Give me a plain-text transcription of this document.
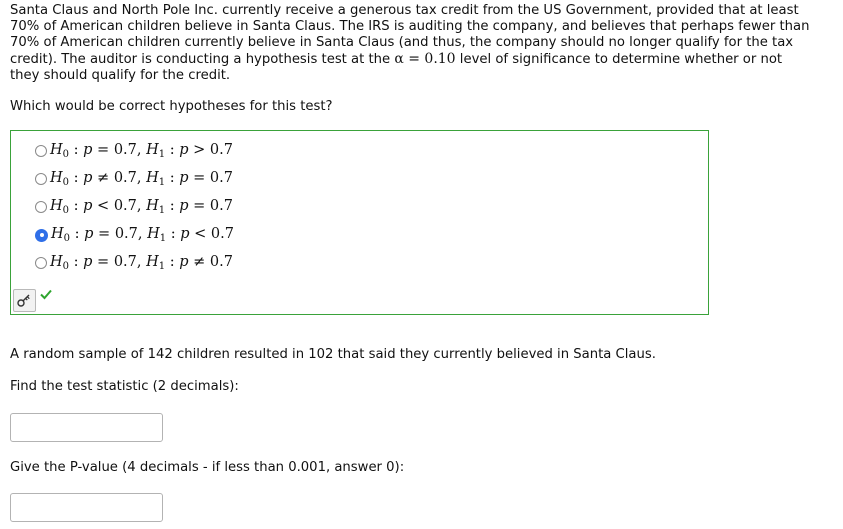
Santa Claus and North Pole Inc. currently receive a generous tax credit from the US Government, provided that at least 70% of American children believe in Santa Claus. The IRS is auditing the company, and believes that perhaps fewer than 70% of American children currently believe in Santa Claus (and thus, the company should no longer qualify for the tax credit). The auditor is conducting a hypothesis test at the α = 0.10 level of significance to determine whether or not they should qualify for the credit.

Which would be correct hypotheses for this test?

$H_0$ : p = 0.7, $H_1$ : p > 0.7
$H_0$ : p ≠ 0.7, $H_1$ : p = 0.7
$H_0$ : p < 0.7, $H_1$ : p = 0.7
$H_0$ : p = 0.7, $H_1$ : p < 0.7
$H_0$ : p = 0.7, $H_1$ : p ≠ 0.7

A random sample of 142 children resulted in 102 that said they currently believed in Santa Claus.

Find the test statistic (2 decimals):

Give the P-value (4 decimals - if less than 0.001, answer 0):
